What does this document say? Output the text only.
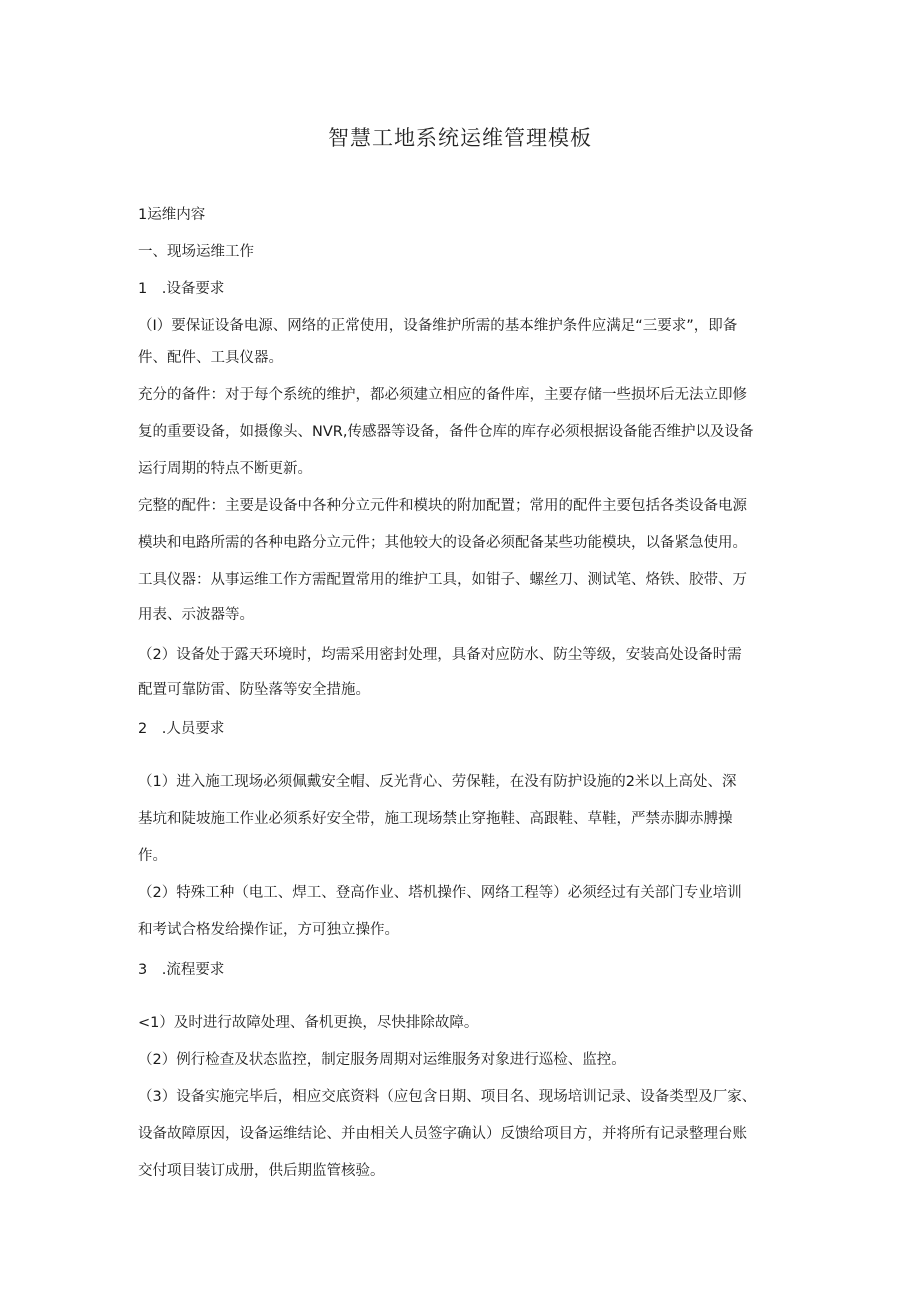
智慧工地系统运维管理模板
1运维内容
一、现场运维工作
1　.设备要求
（I）要保证设备电源、网络的正常使用，设备维护所需的基本维护条件应满足“三要求”，即备
件、配件、工具仪器。
充分的备件：对于每个系统的维护，都必须建立相应的备件库，主要存储一些损坏后无法立即修
复的重要设备，如摄像头、NVR,传感器等设备，备件仓库的库存必须根据设备能否维护以及设备
运行周期的特点不断更新。
完整的配件：主要是设备中各种分立元件和模块的附加配置；常用的配件主要包括各类设备电源
模块和电路所需的各种电路分立元件；其他较大的设备必须配备某些功能模块，以备紧急使用。
工具仪器：从事运维工作方需配置常用的维护工具，如钳子、螺丝刀、测试笔、烙铁、胶带、万
用表、示波器等。
（2）设备处于露天环境时，均需采用密封处理，具备对应防水、防尘等级，安装高处设备时需
配置可靠防雷、防坠落等安全措施。
2　.人员要求
（1）进入施工现场必须佩戴安全帽、反光背心、劳保鞋，在没有防护设施的2米以上高处、深
基坑和陡坡施工作业必须系好安全带，施工现场禁止穿拖鞋、高跟鞋、草鞋，严禁赤脚赤膊操
作。
（2）特殊工种（电工、焊工、登高作业、塔机操作、网络工程等）必须经过有关部门专业培训
和考试合格发给操作证，方可独立操作。
3　.流程要求
<1）及时进行故障处理、备机更换，尽快排除故障。
（2）例行检查及状态监控，制定服务周期对运维服务对象进行巡检、监控。
（3）设备实施完毕后，相应交底资料（应包含日期、项目名、现场培训记录、设备类型及厂家、
设备故障原因，设备运维结论、并由相关人员签字确认）反馈给项目方，并将所有记录整理台账
交付项目装订成册，供后期监管核验。
